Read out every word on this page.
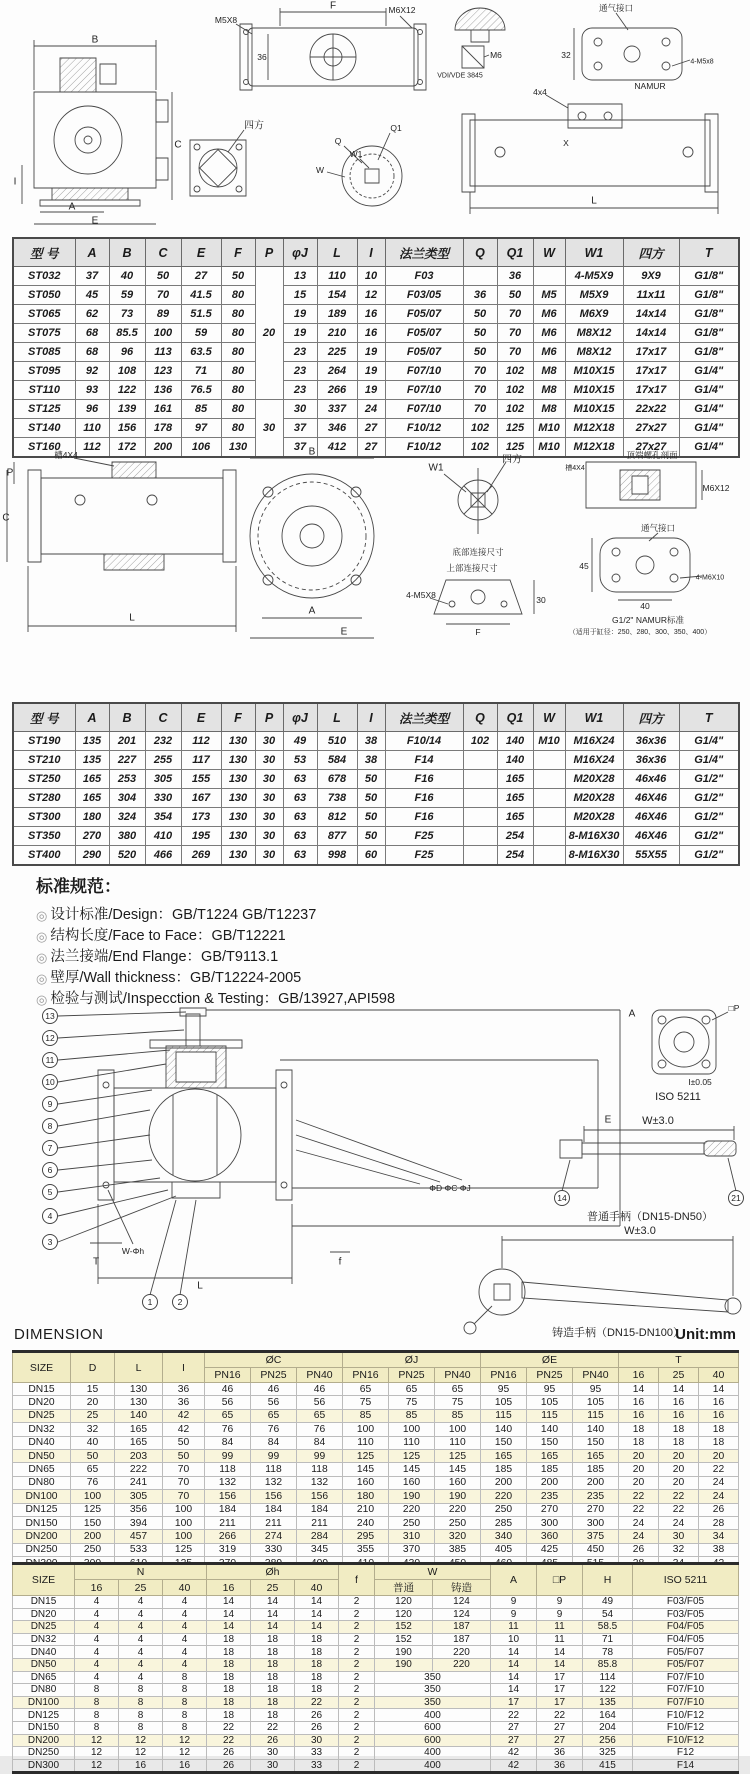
B
C
I
A
E
M5X8
F	M6X12
36
四方	Q1
Q
W1
W
M6
VDI/VDE 3845
4x4
通气接口
32
4-M5x8
NAMUR
X
L
型 号	A	B	C	E	F	P	φJ	L	I	法兰类型	Q	Q1	W	W1	四方	T
ST032	37	40	50	27	50	20	13	110	10	F03		36		4-M5X9	9X9	G1/8"
ST050	45	59	70	41.5	80		15	154	12	F03/05	36	50	M5	M5X9	11x11	G1/8"
ST065	62	73	89	51.5	80		19	189	16	F05/07	50	70	M6	M6X9	14x14	G1/8"
ST075	68	85.5	100	59	80		19	210	16	F05/07	50	70	M6	M8X12	14x14	G1/8"
ST085	68	96	113	63.5	80		23	225	19	F05/07	50	70	M6	M8X12	17x17	G1/8"
ST095	92	108	123	71	80		23	264	19	F07/10	70	102	M8	M10X15	17x17	G1/4"
ST110	93	122	136	76.5	80		23	266	19	F07/10	70	102	M8	M10X15	17x17	G1/4"
ST125	96	139	161	85	80	30	30	337	24	F07/10	70	102	M8	M10X15	22x22	G1/4"
ST140	110	156	178	97	80		37	346	27	F10/12	102	125	M10	M12X18	27x27	G1/4"
ST160	112	172	200	106	130		37	412	27	F10/12	102	125	M10	M12X18	27x27	G1/4"
槽4X4
P
C
L
B
A
E
W1
四方
底部连接尺寸
上部连接尺寸
4-M5X8
F
30
顶端螺孔剖面
槽4X4
M6X12
通气接口
45
4-M6X10
40
G1/2" NAMUR标准
（适用于缸径：250、280、300、350、400）
型 号	A	B	C	E	F	P	φJ	L	I	法兰类型	Q	Q1	W	W1	四方	T
ST190	135	201	232	112	130	30	49	510	38	F10/14	102	140	M10	M16X24	36x36	G1/4"
ST210	135	227	255	117	130	30	53	584	38	F14		140		M16X24	36x36	G1/4"
ST250	165	253	305	155	130	30	63	678	50	F16		165		M20X28	46x46	G1/2"
ST280	165	304	330	167	130	30	63	738	50	F16		165		M20X28	46X46	G1/2"
ST300	180	324	354	173	130	30	63	812	50	F16		165		M20X28	46X46	G1/2"
ST350	270	380	410	195	130	30	63	877	50	F25		254		8-M16X30	46X46	G1/2"
ST400	290	520	466	269	130	30	63	998	60	F25		254		8-M16X30	55X55	G1/2"
标准规范：
◎ 设计标准/Design：GB/T1224 GB/T12237
◎ 结构长度/Face to Face：GB/T12221
◎ 法兰接端/End Flange：GB/T9113.1
◎ 壁厚/Wall thickness：GB/T12224-2005
◎ 检验与测试/Inspecction & Testing：GB/13927,API598
13
12
11
10
9
8
7
6
5
4
3
1	2
14	21
T
W-Φh
L
f
ΦD ΦC ΦJ
E
A
□P
I±0.05
ISO 5211
W±3.0
普通手柄（DN15-DN50）
W±3.0
铸造手柄（DN15-DN100）
DIMENSION	Unit:mm
SIZE	D	L	I	ØC			ØJ			ØE			T		
				PN16	PN25	PN40	PN16	PN25	PN40	PN16	PN25	PN40	16	25	40
DN15	15	130	36	46	46	46	65	65	65	95	95	95	14	14	14
DN20	20	130	36	56	56	56	75	75	75	105	105	105	16	16	16
DN25	25	140	42	65	65	65	85	85	85	115	115	115	16	16	16
DN32	32	165	42	76	76	76	100	100	100	140	140	140	18	18	18
DN40	40	165	50	84	84	84	110	110	110	150	150	150	18	18	18
DN50	50	203	50	99	99	99	125	125	125	165	165	165	20	20	20
DN65	65	222	70	118	118	118	145	145	145	185	185	185	20	20	22
DN80	76	241	70	132	132	132	160	160	160	200	200	200	20	20	24
DN100	100	305	70	156	156	156	180	190	190	220	235	235	22	22	24
DN125	125	356	100	184	184	184	210	220	220	250	270	270	22	22	26
DN150	150	394	100	211	211	211	240	250	250	285	300	300	24	24	28
DN200	200	457	100	266	274	284	295	310	320	340	360	375	24	30	34
DN250	250	533	125	319	330	345	355	370	385	405	425	450	26	32	38

SIZE	N			Øh			f	W		A	□P	H	ISO 5211
	16	25	40	16	25	40		普通	铸造				
DN15	4	4	4	14	14	14	2	120	124	9	9	49	F03/F05
DN20	4	4	4	14	14	14	2	120	124	9	9	54	F03/F05
DN25	4	4	4	14	14	14	2	152	187	11	11	58.5	F04/F05
DN32	4	4	4	18	18	18	2	152	187	10	11	71	F04/F05
DN40	4	4	4	18	18	18	2	190	220	14	14	78	F05/F07
DN50	4	4	4	18	18	18	2	190	220	14	14	85.8	F05/F07
DN65	4	4	8	18	18	18	2	350		14	17	114	F07/F10
DN80	8	8	8	18	18	18	2	350		14	17	122	F07/F10
DN100	8	8	8	18	18	22	2	350		17	17	135	F07/F10
DN125	8	8	8	18	18	26	2	400		22	22	164	F10/F12
DN150	8	8	8	22	22	26	2	600		27	27	204	F10/F12
DN200	12	12	12	22	26	30	2	600		27	27	256	F10/F12
DN250	12	12	12	26	30	33	2	400		42	36	325	F12
DN300	12	16	16	26	30	33	2	400		42	36	415	F14
